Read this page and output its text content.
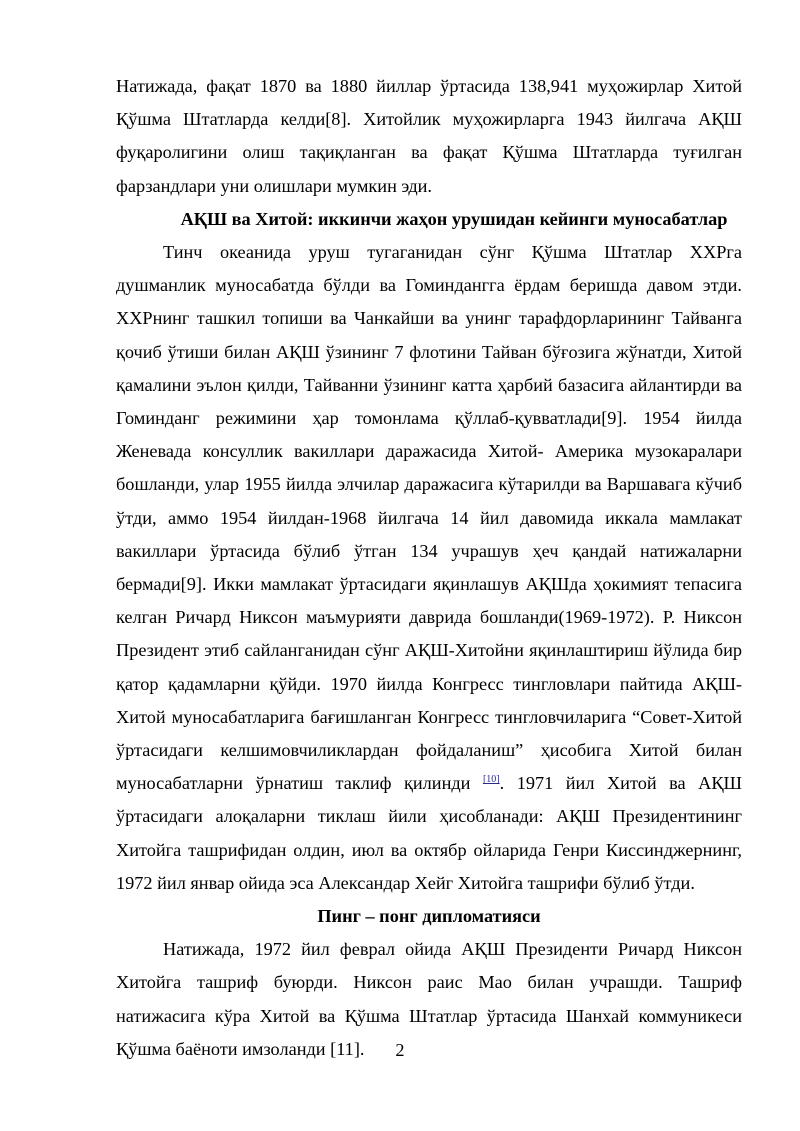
Натижада, фақат 1870 ва 1880 йиллар ўртасида 138,941 муҳожирлар Хитой Қўшма Штатларда келди[8]. Хитойлик муҳожирларга 1943 йилгача АҚШ фуқаролигини олиш тақиқланган ва фақат Қўшма Штатларда туғилган фарзандлари уни олишлари мумкин эди.

АҚШ ва Хитой: иккинчи жаҳон урушидан кейинги муносабатлар

Тинч океанида уруш тугаганидан сўнг Қўшма Штатлар ХХРга душманлик муносабатда бўлди ва Гоминдангга ёрдам беришда давом этди. ХХРнинг ташкил топиши ва Чанкайши ва унинг тарафдорларининг Тайванга қочиб ўтиши билан АҚШ ўзининг 7 флотини Тайван бўғозига жўнатди, Хитой қамалини эълон қилди, Тайванни ўзининг катта ҳарбий базасига айлантирди ва Гоминданг режимини ҳар томонлама қўллаб-қувватлади[9]. 1954 йилда Женевада консуллик вакиллари даражасида Хитой- Америка музокаралари бошланди, улар 1955 йилда элчилар даражасига кўтарилди ва Варшавага кўчиб ўтди, аммо 1954 йилдан-1968 йилгача 14 йил давомида иккала мамлакат вакиллари ўртасида бўлиб ўтган 134 учрашув ҳеч қандай натижаларни бермади[9]. Икки мамлакат ўртасидаги яқинлашув АҚШда ҳокимият тепасига келган Ричард Никсон маъмурияти даврида бошланди(1969-1972). Р. Никсон Президент этиб сайланганидан сўнг АҚШ-Хитойни яқинлаштириш йўлида бир қатор қадамларни қўйди. 1970 йилда Конгресс тингловлари пайтида АҚШ-Хитой муносабатларига бағишланган Конгресс тингловчиларига “Совет-Хитой ўртасидаги келшимовчиликлардан фойдаланиш” ҳисобига Хитой билан муносабатларни ўрнатиш таклиф қилинди [10]. 1971 йил Хитой ва АҚШ ўртасидаги алоқаларни тиклаш йили ҳисобланади: АҚШ Президентининг Хитойга ташрифидан олдин, июл ва октябр ойларида Генри Киссинджернинг, 1972 йил январ ойида эса Александар Хейг Хитойга ташрифи бўлиб ўтди.

Пинг – понг дипломатияси

Натижада, 1972 йил феврал ойида АҚШ Президенти Ричард Никсон Хитойга ташриф буюрди. Никсон раис Мао билан учрашди. Ташриф натижасига кўра Хитой ва Қўшма Штатлар ўртасида Шанхай коммуникеси Қўшма баёноти имзоланди [11].	2
